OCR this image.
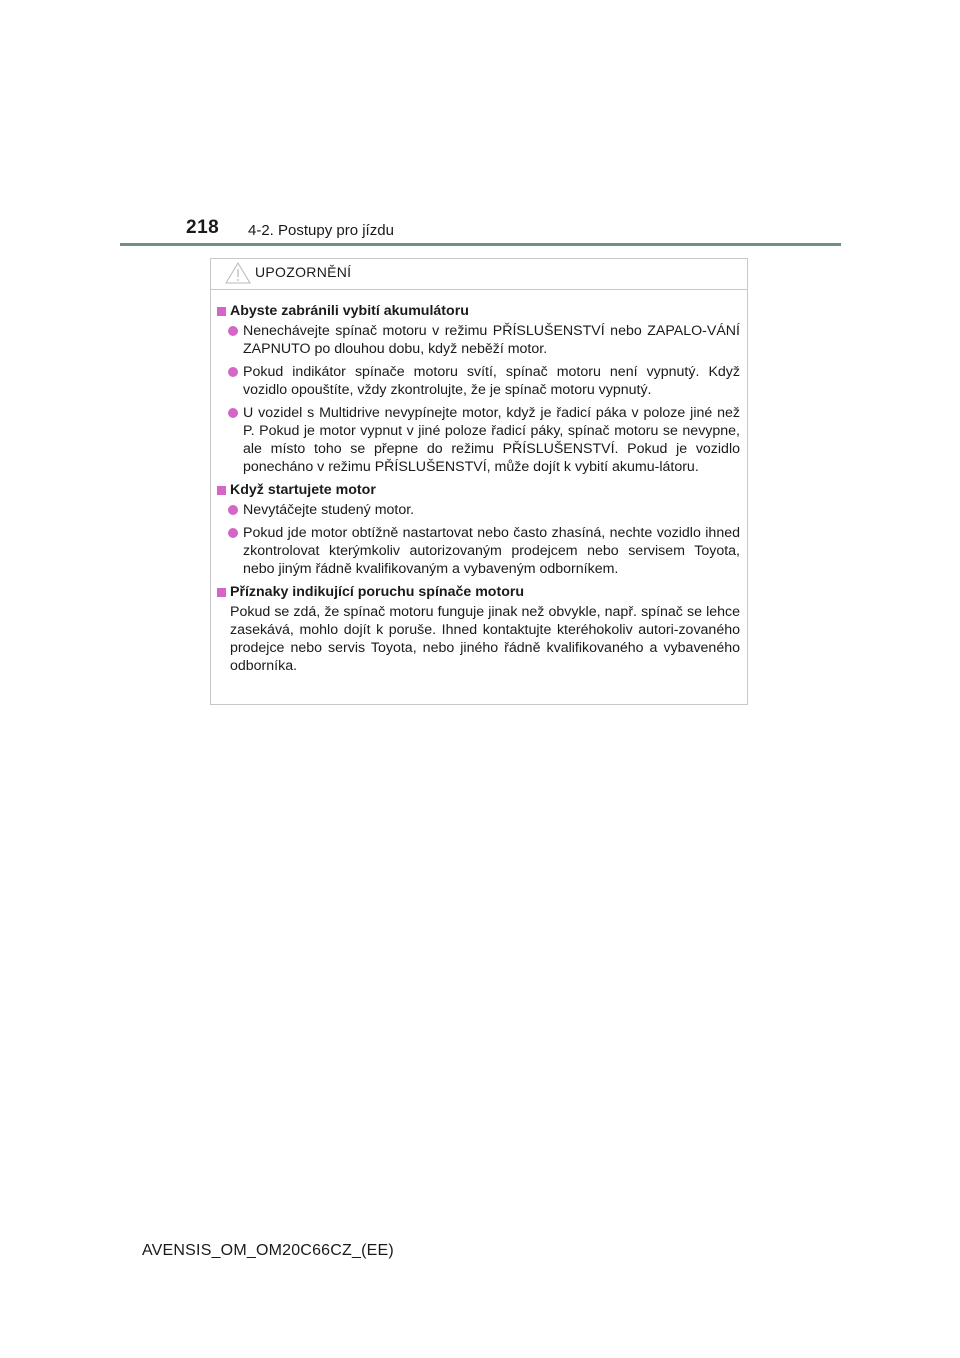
218 4-2. Postupy pro jízdu
UPOZORNĚNÍ
Abyste zabránili vybití akumulátoru
Nenechávejte spínač motoru v režimu PŘÍSLUŠENSTVÍ nebo ZAPALO-VÁNÍ ZAPNUTO po dlouhou dobu, když neběží motor.
Pokud indikátor spínače motoru svítí, spínač motoru není vypnutý. Když vozidlo opouštíte, vždy zkontrolujte, že je spínač motoru vypnutý.
U vozidel s Multidrive nevypínejte motor, když je řadicí páka v poloze jiné než P. Pokud je motor vypnut v jiné poloze řadicí páky, spínač motoru se nevypne, ale místo toho se přepne do režimu PŘÍSLUŠENSTVÍ. Pokud je vozidlo ponecháno v režimu PŘÍSLUŠENSTVÍ, může dojít k vybití akumu-látoru.
Když startujete motor
Nevytáčejte studený motor.
Pokud jde motor obtížně nastartovat nebo často zhasíná, nechte vozidlo ihned zkontrolovat kterýmkoliv autorizovaným prodejcem nebo servisem Toyota, nebo jiným řádně kvalifikovaným a vybaveným odborníkem.
Příznaky indikující poruchu spínače motoru
Pokud se zdá, že spínač motoru funguje jinak než obvykle, např. spínač se lehce zasekává, mohlo dojít k poruše. Ihned kontaktujte kteréhokoliv autori-zovaného prodejce nebo servis Toyota, nebo jiného řádně kvalifikovaného a vybaveného odborníka.
AVENSIS_OM_OM20C66CZ_(EE)
